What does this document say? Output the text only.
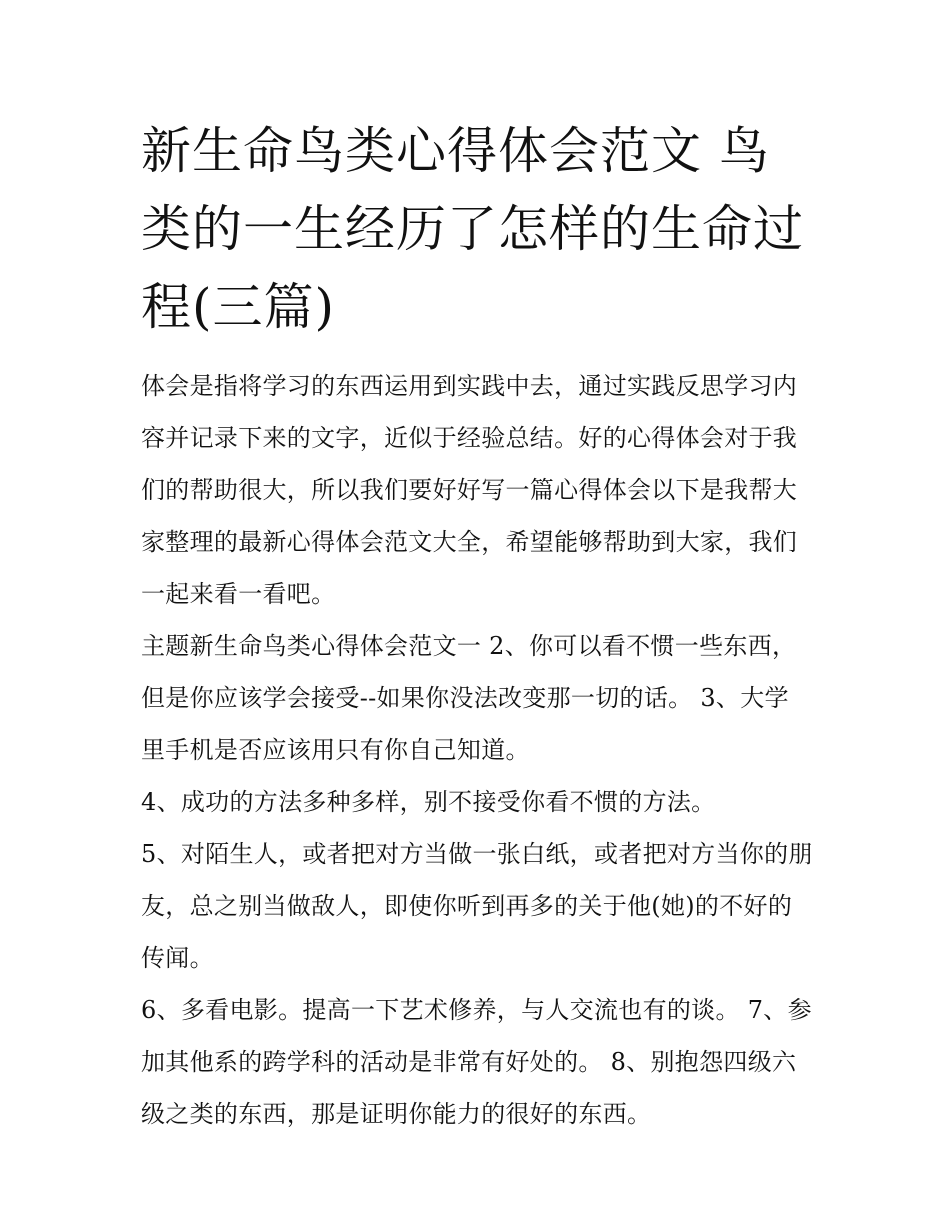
新生命鸟类心得体会范文 鸟类的一生经历了怎样的生命过程(三篇)

体会是指将学习的东西运用到实践中去，通过实践反思学习内容并记录下来的文字，近似于经验总结。好的心得体会对于我们的帮助很大，所以我们要好好写一篇心得体会以下是我帮大家整理的最新心得体会范文大全，希望能够帮助到大家，我们一起来看一看吧。

主题新生命鸟类心得体会范文一 2、你可以看不惯一些东西，但是你应该学会接受--如果你没法改变那一切的话。 3、大学里手机是否应该用只有你自己知道。

4、成功的方法多种多样，别不接受你看不惯的方法。

5、对陌生人，或者把对方当做一张白纸，或者把对方当你的朋友，总之别当做敌人，即使你听到再多的关于他(她)的不好的传闻。

6、多看电影。提高一下艺术修养，与人交流也有的谈。 7、参加其他系的跨学科的活动是非常有好处的。 8、别抱怨四级六级之类的东西，那是证明你能力的很好的东西。
